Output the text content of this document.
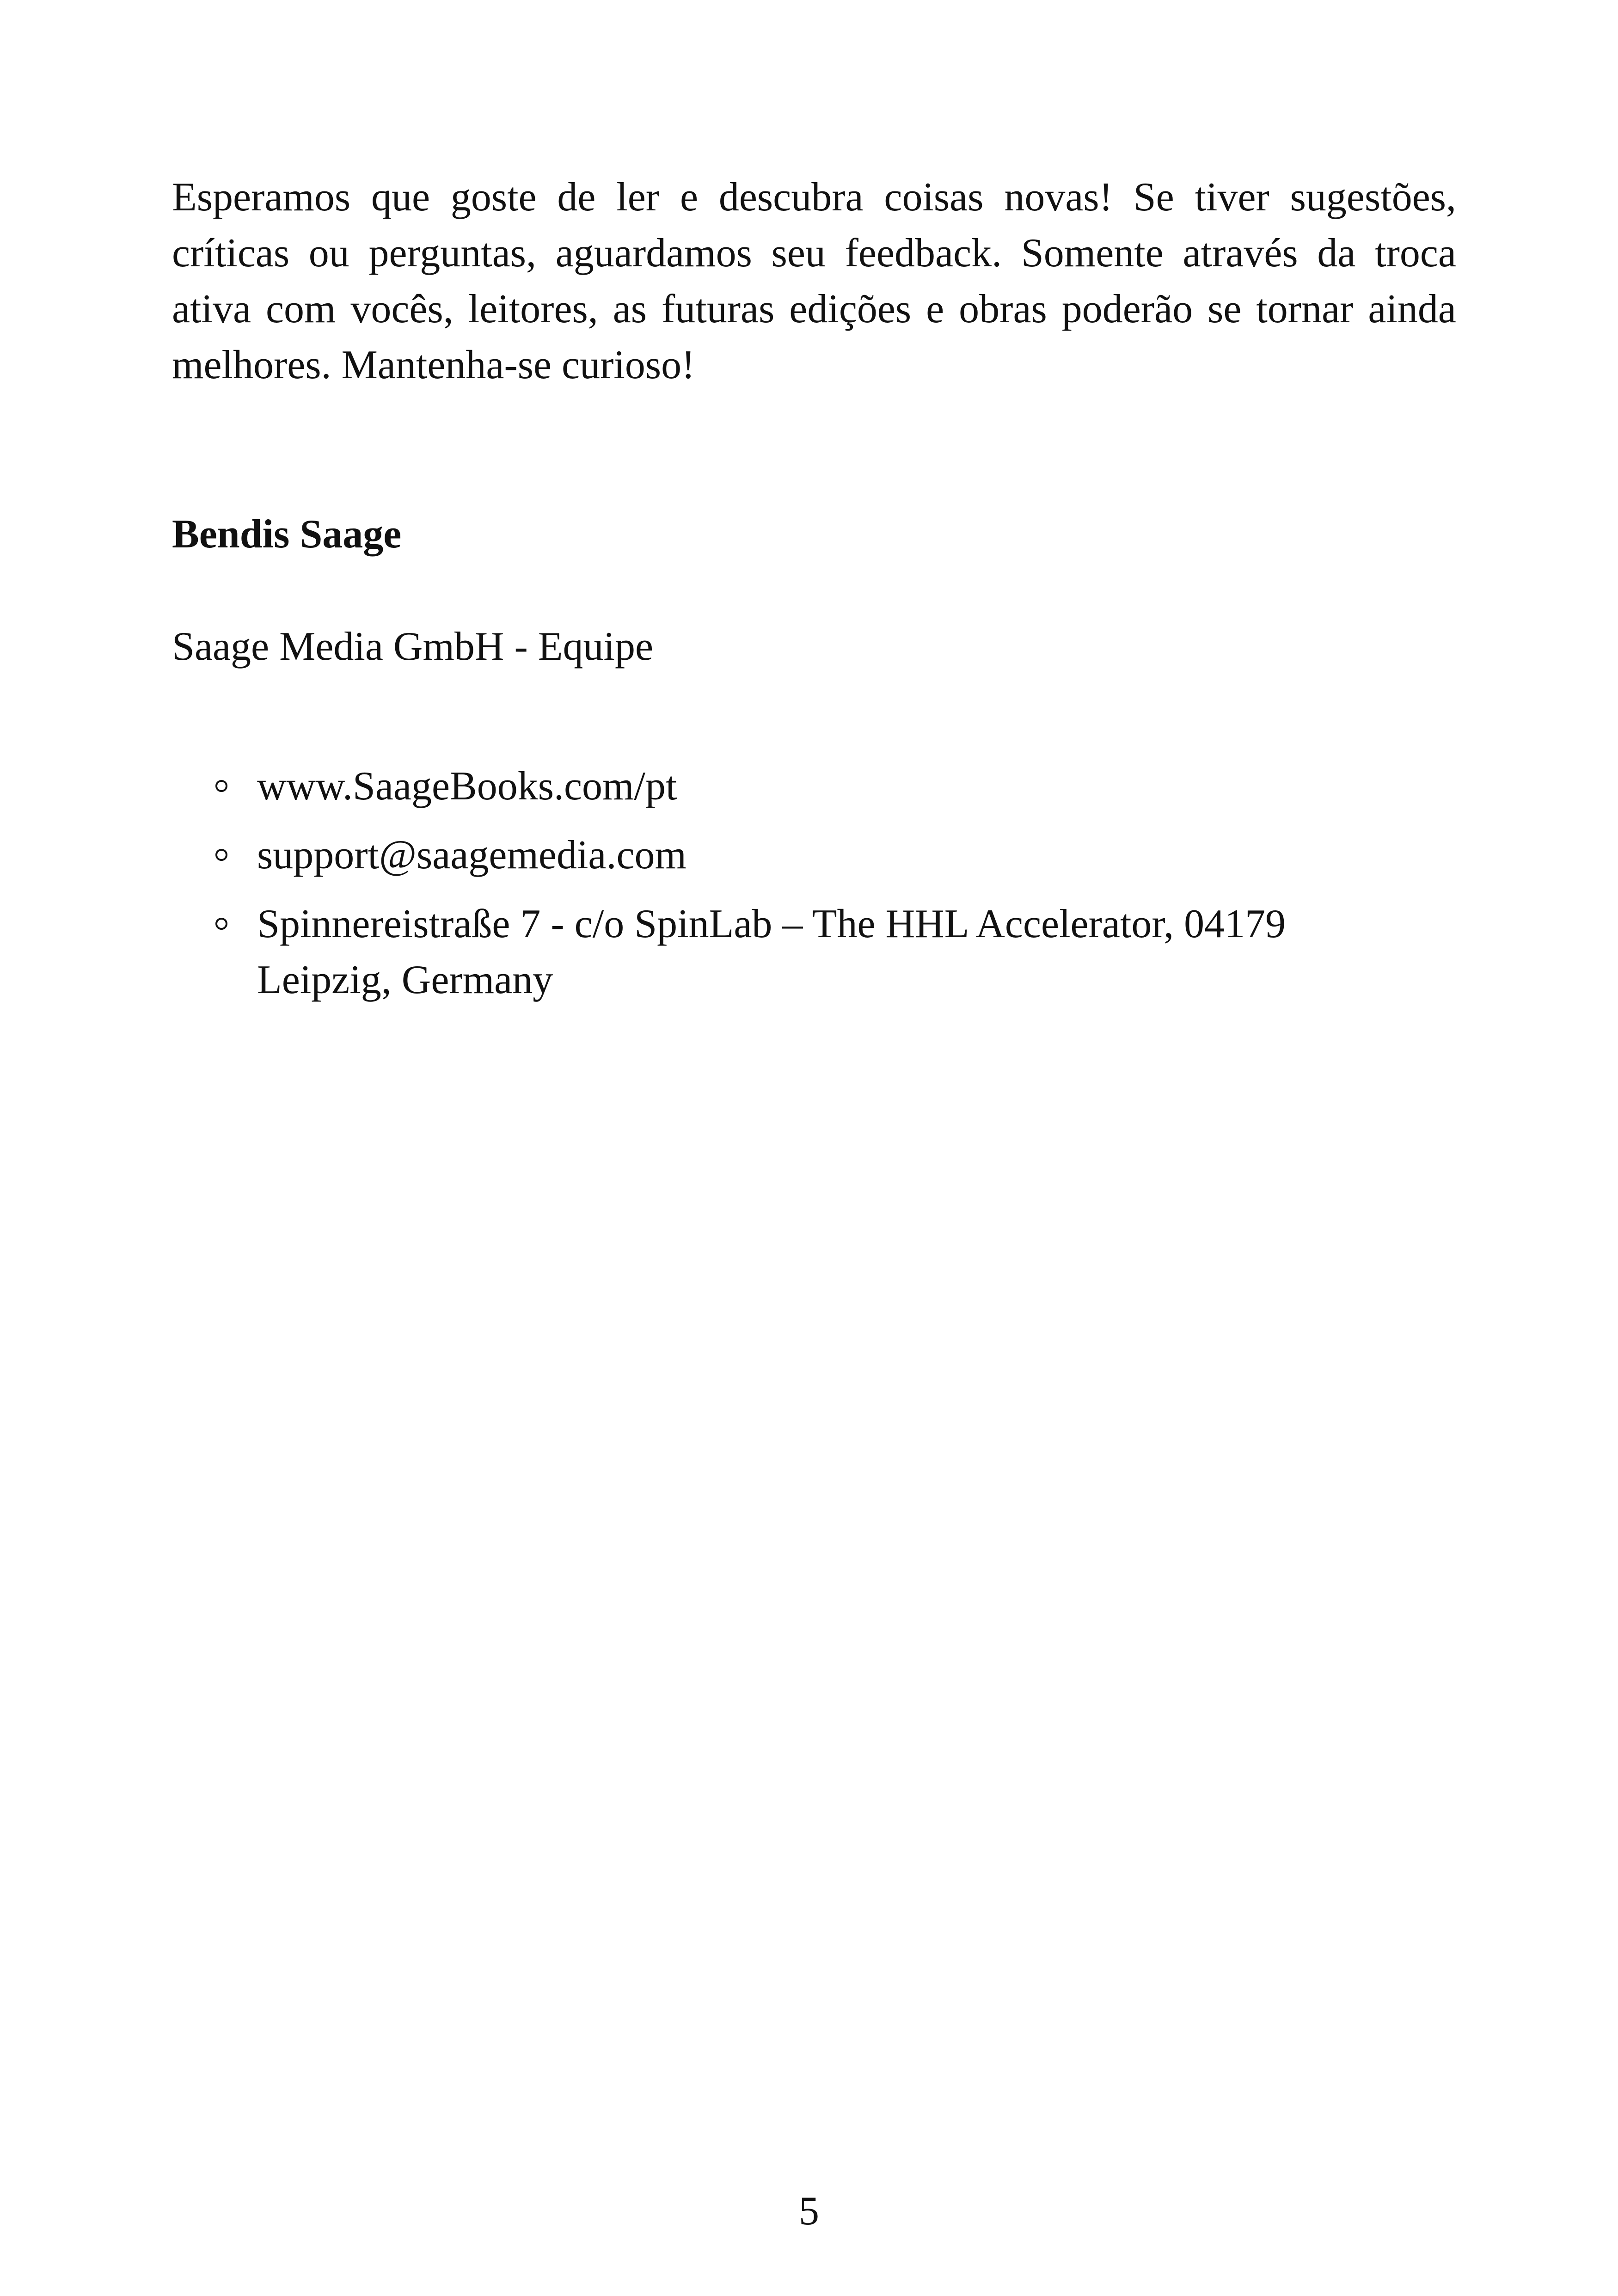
Esperamos que goste de ler e descubra coisas novas! Se tiver sugestões, críticas ou perguntas, aguardamos seu feedback. Somente através da troca ativa com vocês, leitores, as futuras edições e obras poderão se tornar ainda melhores. Mantenha-se curioso!

Bendis Saage

Saage Media GmbH - Equipe

www.SaageBooks.com/pt
support@saagemedia.com
Spinnereistraße 7 - c/o SpinLab – The HHL Accelerator, 04179 Leipzig, Germany

5
